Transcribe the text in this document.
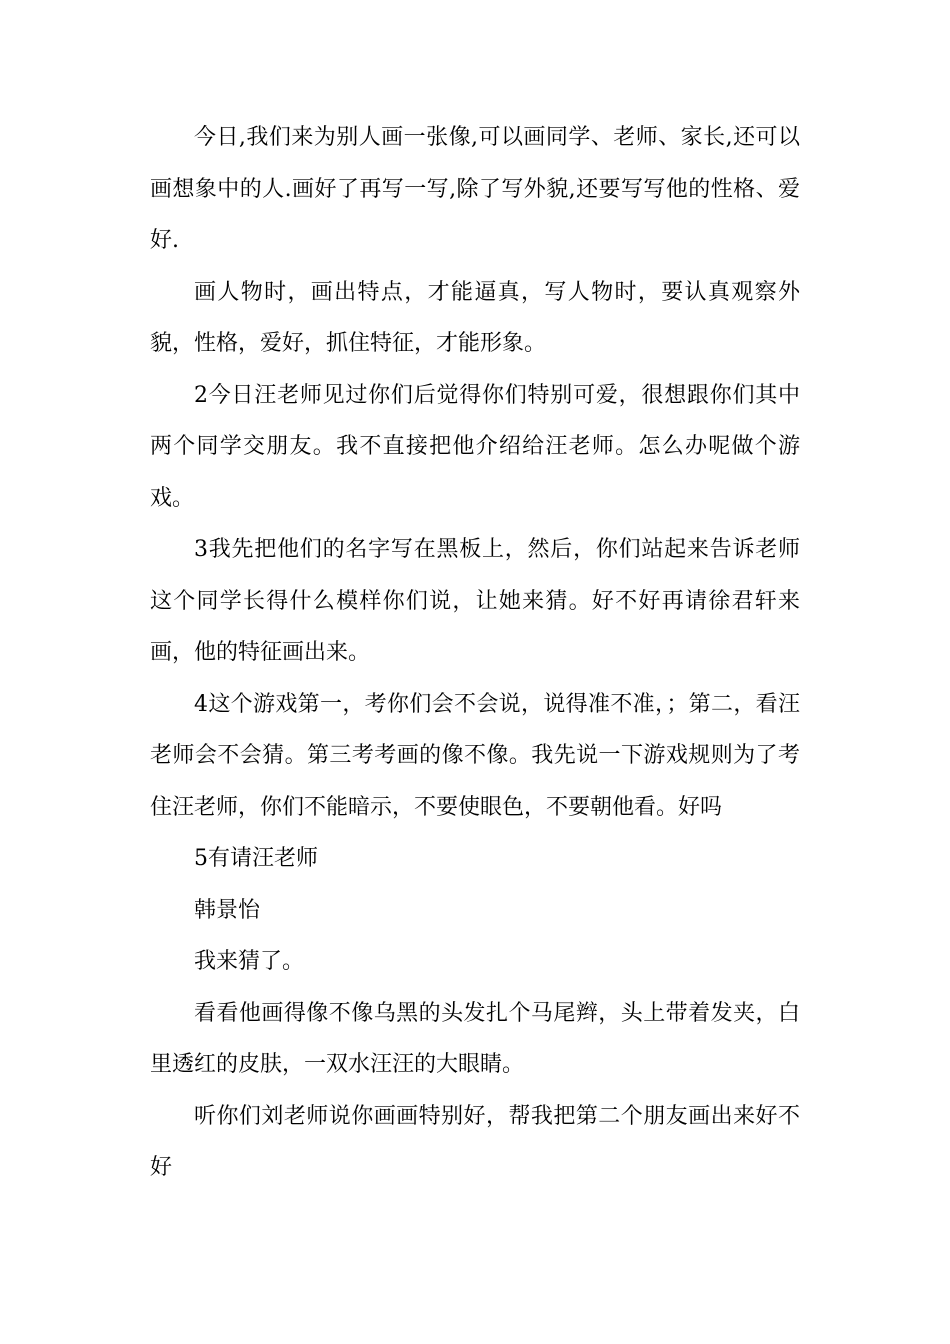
今日,我们来为别人画一张像,可以画同学、老师、家长,还可以画想象中的人.画好了再写一写,除了写外貌,还要写写他的性格、爱好.

画人物时，画出特点，才能逼真，写人物时，要认真观察外貌，性格，爱好，抓住特征，才能形象。

2今日汪老师见过你们后觉得你们特别可爱，很想跟你们其中两个同学交朋友。我不直接把他介绍给汪老师。怎么办呢做个游戏。

3我先把他们的名字写在黑板上，然后，你们站起来告诉老师这个同学长得什么模样你们说，让她来猜。好不好再请徐君轩来画，他的特征画出来。

4这个游戏第一，考你们会不会说，说得准不准，；第二，看汪老师会不会猜。第三考考画的像不像。我先说一下游戏规则为了考住汪老师，你们不能暗示，不要使眼色，不要朝他看。好吗

5有请汪老师

韩景怡

我来猜了。

看看他画得像不像乌黑的头发扎个马尾辫，头上带着发夹，白里透红的皮肤，一双水汪汪的大眼睛。

听你们刘老师说你画画特别好，帮我把第二个朋友画出来好不好
